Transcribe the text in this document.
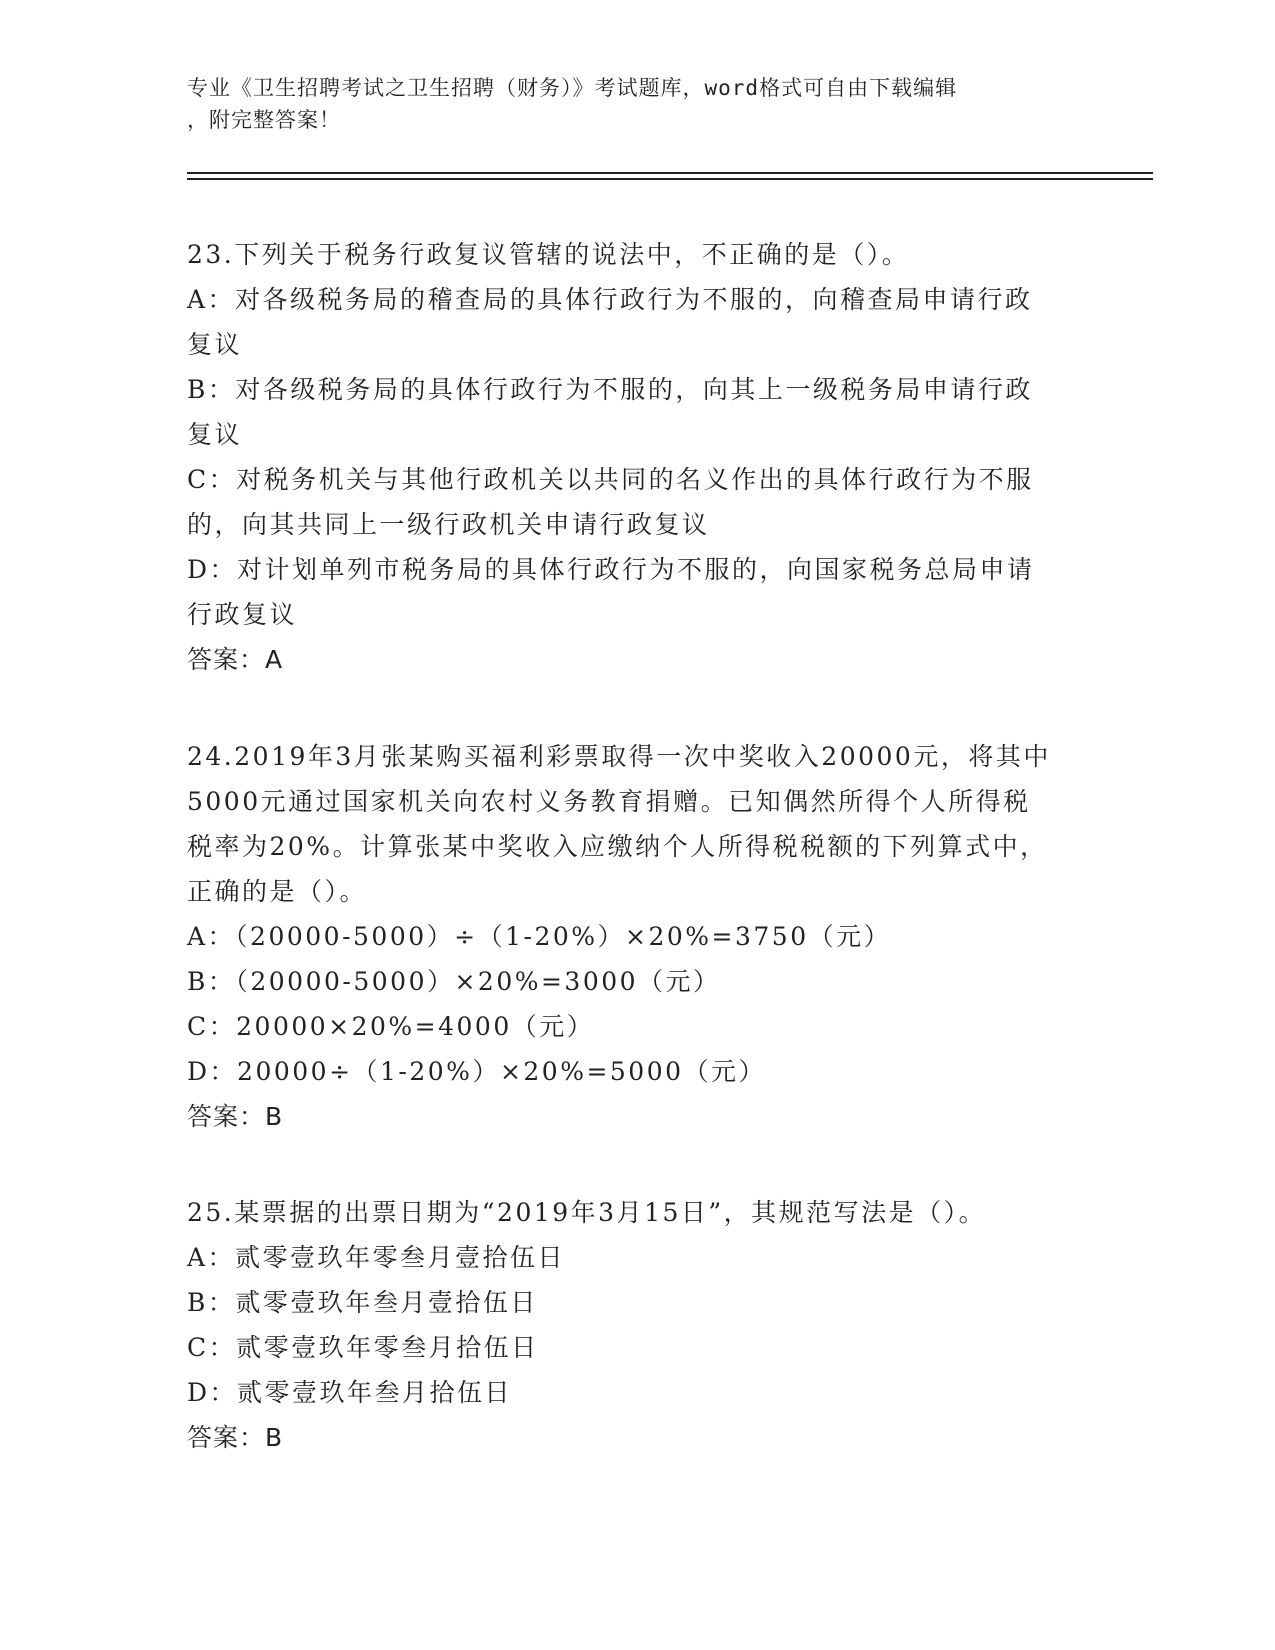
专业《卫生招聘考试之卫生招聘（财务）》考试题库，word格式可自由下载编辑
，附完整答案！
23.下列关于税务行政复议管辖的说法中，不正确的是（）。
A：对各级税务局的稽查局的具体行政行为不服的，向稽查局申请行政
复议
B：对各级税务局的具体行政行为不服的，向其上一级税务局申请行政
复议
C：对税务机关与其他行政机关以共同的名义作出的具体行政行为不服
的，向其共同上一级行政机关申请行政复议
D：对计划单列市税务局的具体行政行为不服的，向国家税务总局申请
行政复议
答案：A
24.2019年3月张某购买福利彩票取得一次中奖收入20000元，将其中
5000元通过国家机关向农村义务教育捐赠。已知偶然所得个人所得税
税率为20%。计算张某中奖收入应缴纳个人所得税税额的下列算式中，
正确的是（）。
A：（20000-5000）÷（1-20%）×20%=3750（元）
B：（20000-5000）×20%=3000（元）
C：20000×20%=4000（元）
D：20000÷（1-20%）×20%=5000（元）
答案：B
25.某票据的出票日期为“2019年3月15日”，其规范写法是（）。
A：贰零壹玖年零叁月壹拾伍日
B：贰零壹玖年叁月壹拾伍日
C：贰零壹玖年零叁月拾伍日
D：贰零壹玖年叁月拾伍日
答案：B
